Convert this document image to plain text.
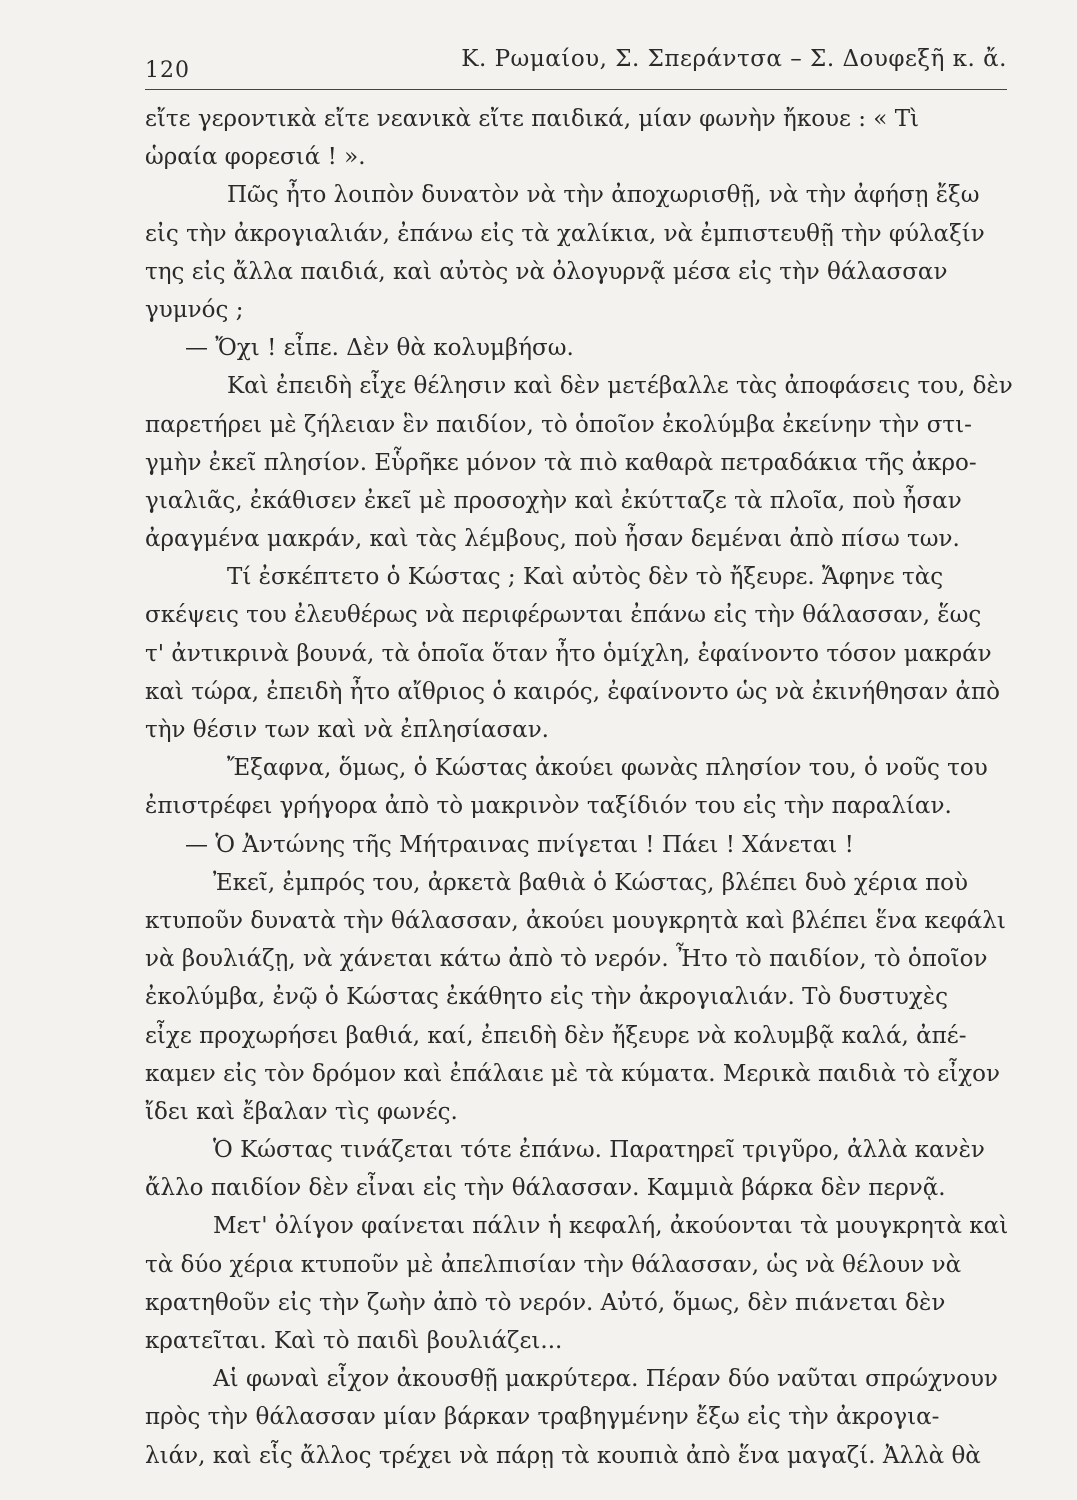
120	Κ. Ρωμαίου, Σ. Σπεράντσα – Σ. Δουφεξῆ κ. ἄ.
εἴτε γεροντικὰ εἴτε νεανικὰ εἴτε παιδικά, μίαν φωνὴν ἤκουε : « Τὶ
ὡραία φορεσιά ! ».
Πῶς ἦτο λοιπὸν δυνατὸν νὰ τὴν ἀποχωρισθῇ, νὰ τὴν ἀφήσῃ ἔξω
εἰς τὴν ἀκρογιαλιάν, ἐπάνω εἰς τὰ χαλίκια, νὰ ἐμπιστευθῇ τὴν φύλαξίν
της εἰς ἄλλα παιδιά, καὶ αὐτὸς νὰ ὀλογυρνᾷ μέσα εἰς τὴν θάλασσαν
γυμνός ;
— Ὄχι ! εἶπε. Δὲν θὰ κολυμβήσω.
Καὶ ἐπειδὴ εἶχε θέλησιν καὶ δὲν μετέβαλλε τὰς ἀποφάσεις του, δὲν
παρετήρει μὲ ζήλειαν ἓν παιδίον, τὸ ὁποῖον ἐκολύμβα ἐκείνην τὴν στι-
γμὴν ἐκεῖ πλησίον. Εὗρῆκε μόνον τὰ πιὸ καθαρὰ πετραδάκια τῆς ἀκρο-
γιαλιᾶς, ἐκάθισεν ἐκεῖ μὲ προσοχὴν καὶ ἐκύτταζε τὰ πλοῖα, ποὺ ἦσαν
ἀραγμένα μακράν, καὶ τὰς λέμβους, ποὺ ἦσαν δεμέναι ἀπὸ πίσω των.
Τί ἐσκέπτετο ὁ Κώστας ; Καὶ αὐτὸς δὲν τὸ ἤξευρε. Ἄφηνε τὰς
σκέψεις του ἐλευθέρως νὰ περιφέρωνται ἐπάνω εἰς τὴν θάλασσαν, ἕως
τ' ἀντικρινὰ βουνά, τὰ ὁποῖα ὅταν ἦτο ὁμίχλη, ἐφαίνοντο τόσον μακράν
καὶ τώρα, ἐπειδὴ ἦτο αἴθριος ὁ καιρός, ἐφαίνοντο ὡς νὰ ἐκινήθησαν ἀπὸ
τὴν θέσιν των καὶ νὰ ἐπλησίασαν.
Ἔξαφνα, ὅμως, ὁ Κώστας ἀκούει φωνὰς πλησίον του, ὁ νοῦς του
ἐπιστρέφει γρήγορα ἀπὸ τὸ μακρινὸν ταξίδιόν του εἰς τὴν παραλίαν.
— Ὁ Ἀντώνης τῆς Μήτραινας πνίγεται ! Πάει ! Χάνεται !
Ἐκεῖ, ἐμπρός του, ἀρκετὰ βαθιὰ ὁ Κώστας, βλέπει δυὸ χέρια ποὺ
κτυποῦν δυνατὰ τὴν θάλασσαν, ἀκούει μουγκρητὰ καὶ βλέπει ἕνα κεφάλι
νὰ βουλιάζῃ, νὰ χάνεται κάτω ἀπὸ τὸ νερόν. Ἦτο τὸ παιδίον, τὸ ὁποῖον
ἐκολύμβα, ἐνῷ ὁ Κώστας ἐκάθητο εἰς τὴν ἀκρογιαλιάν. Τὸ δυστυχὲς
εἶχε προχωρήσει βαθιά, καί, ἐπειδὴ δὲν ἤξευρε νὰ κολυμβᾷ καλά, ἀπέ-
καμεν εἰς τὸν δρόμον καὶ ἐπάλαιε μὲ τὰ κύματα. Μερικὰ παιδιὰ τὸ εἶχον
ἴδει καὶ ἔβαλαν τὶς φωνές.
Ὁ Κώστας τινάζεται τότε ἐπάνω. Παρατηρεῖ τριγῦρο, ἀλλὰ κανὲν
ἄλλο παιδίον δὲν εἶναι εἰς τὴν θάλασσαν. Καμμιὰ βάρκα δὲν περνᾷ.
Μετ' ὀλίγον φαίνεται πάλιν ἡ κεφαλή, ἀκούονται τὰ μουγκρητὰ καὶ
τὰ δύο χέρια κτυποῦν μὲ ἀπελπισίαν τὴν θάλασσαν, ὡς νὰ θέλουν νὰ
κρατηθοῦν εἰς τὴν ζωὴν ἀπὸ τὸ νερόν. Αὐτό, ὅμως, δὲν πιάνεται δὲν
κρατεῖται. Καὶ τὸ παιδὶ βουλιάζει...
Αἱ φωναὶ εἶχον ἀκουσθῇ μακρύτερα. Πέραν δύο ναῦται σπρώχνουν
πρὸς τὴν θάλασσαν μίαν βάρκαν τραβηγμένην ἔξω εἰς τὴν ἀκρογια-
λιάν, καὶ εἷς ἄλλος τρέχει νὰ πάρῃ τὰ κουπιὰ ἀπὸ ἕνα μαγαζί. Ἀλλὰ θὰ
